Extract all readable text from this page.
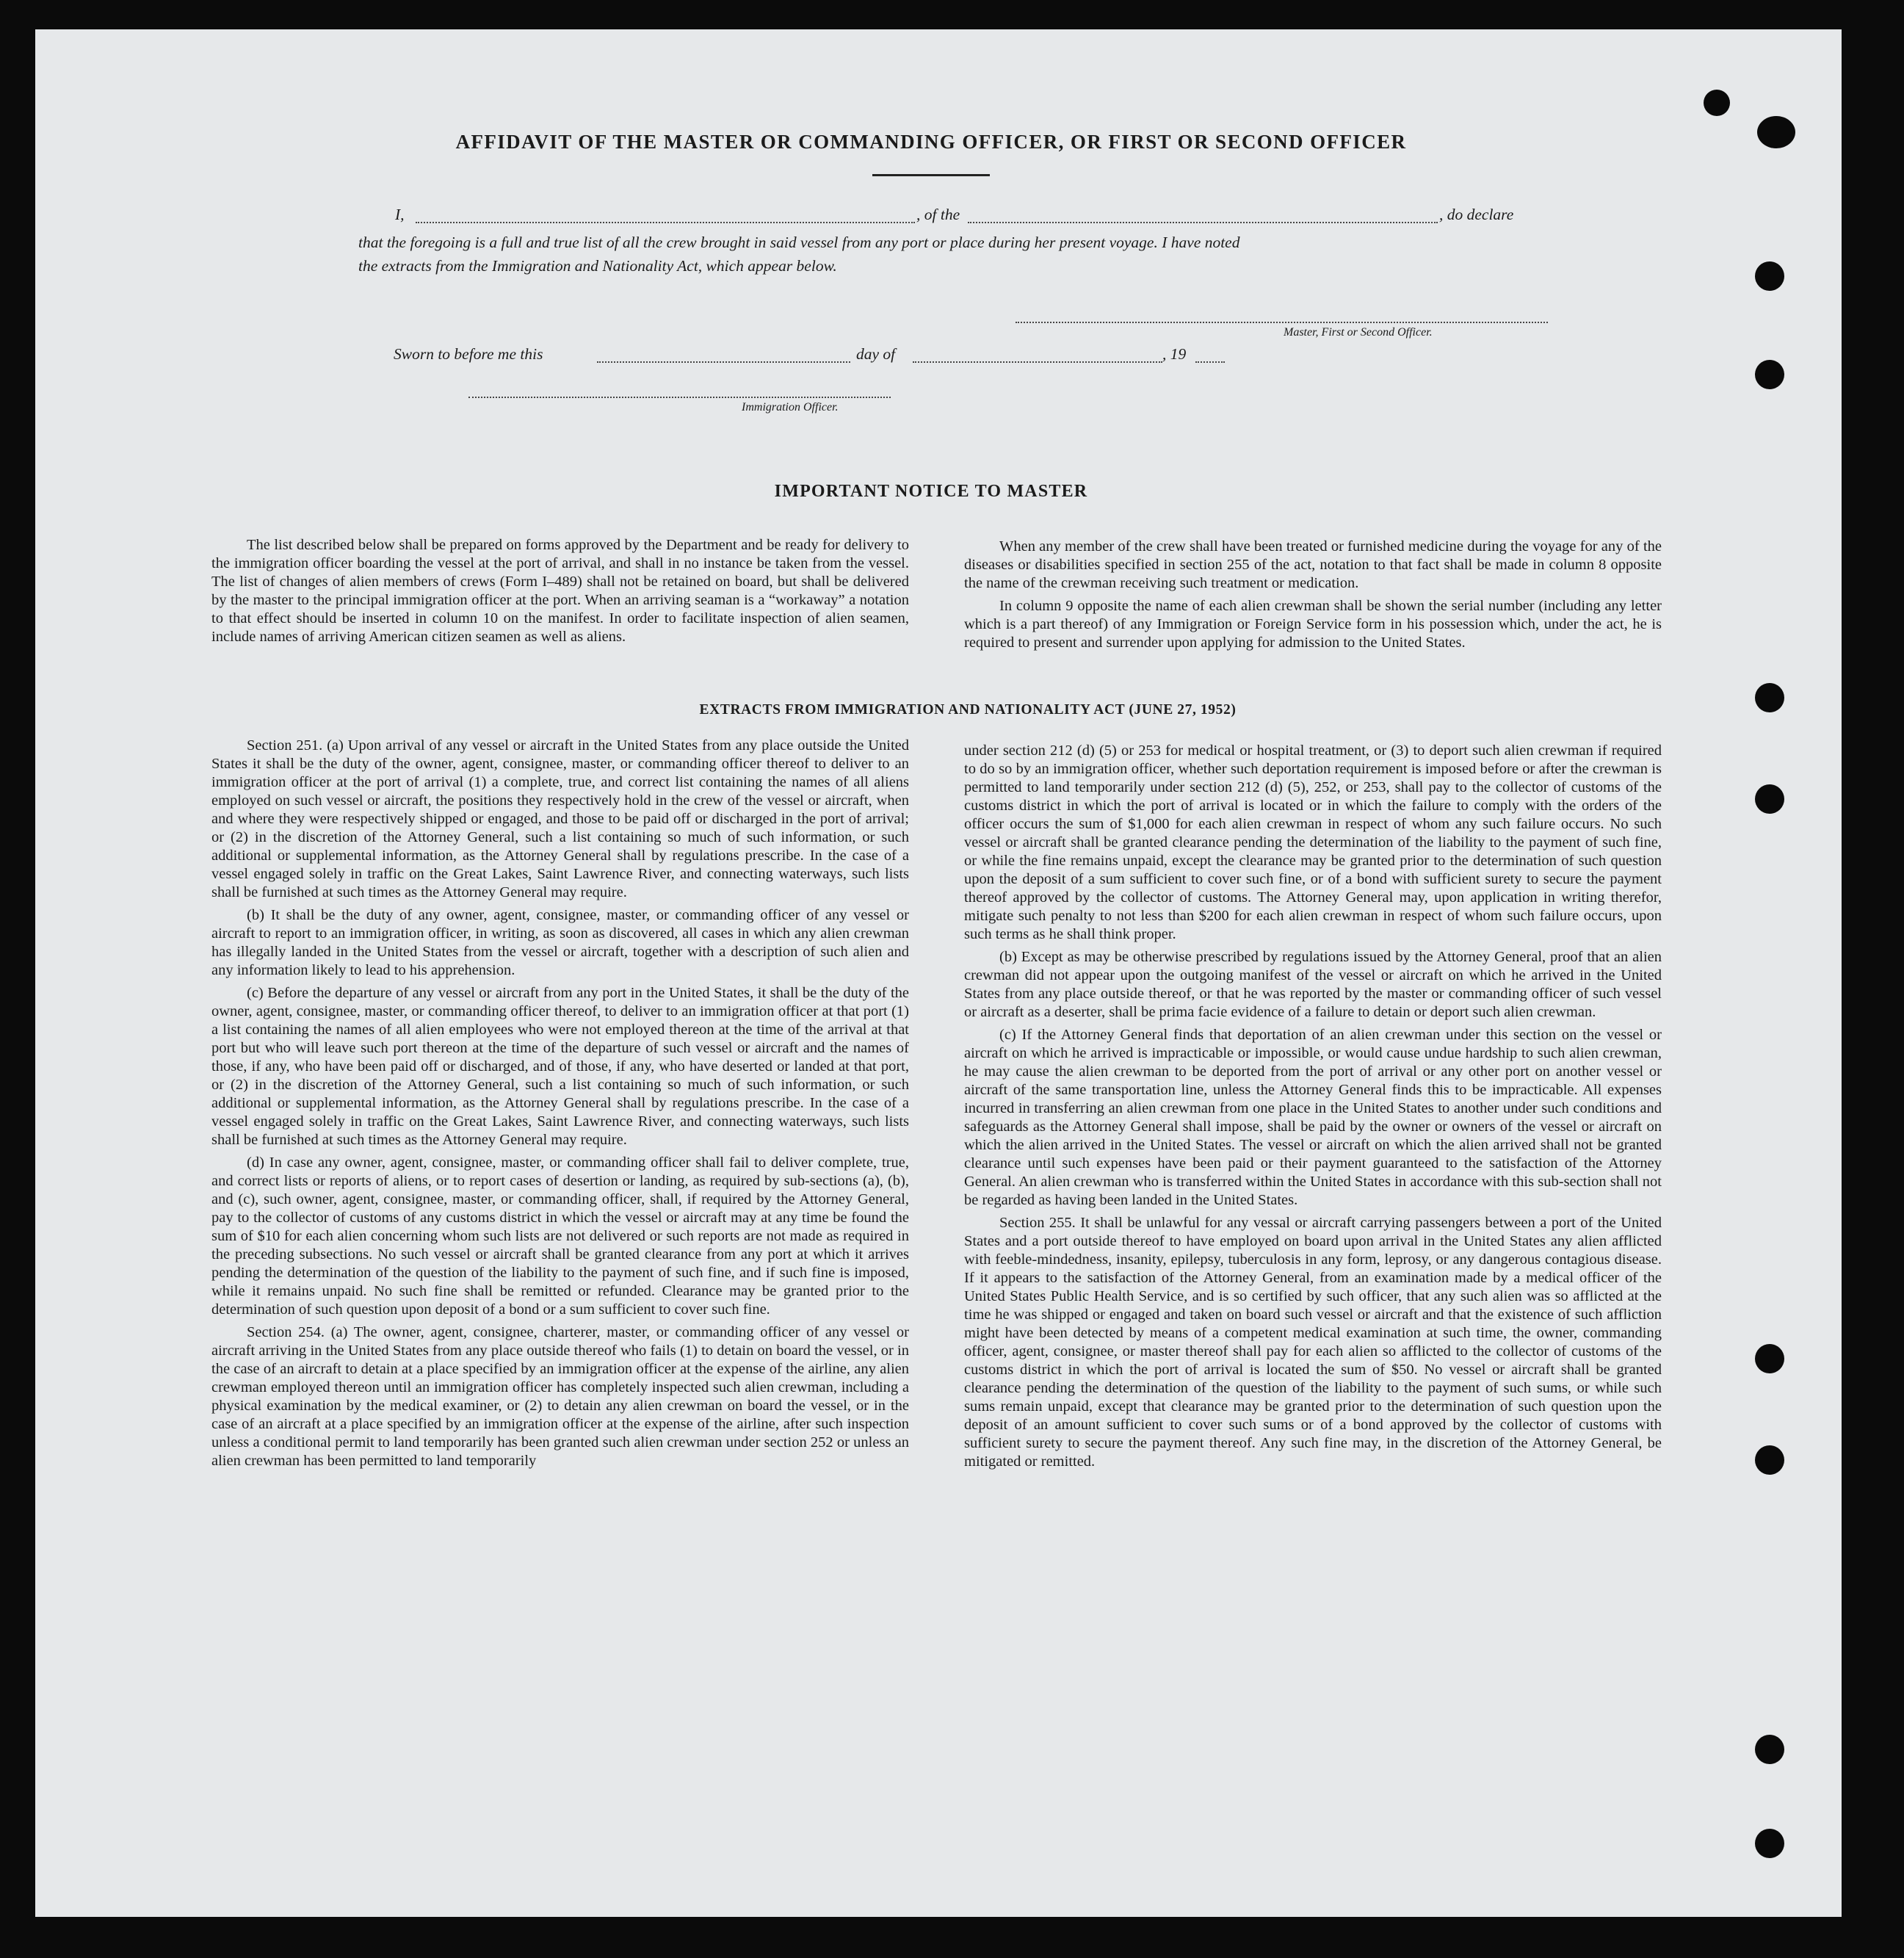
AFFIDAVIT OF THE MASTER OR COMMANDING OFFICER, OR FIRST OR SECOND OFFICER
I,	, of the	, do declare
that the foregoing is a full and true list of all the crew brought in said vessel from any port or place during her present voyage. I have noted
the extracts from the Immigration and Nationality Act, which appear below.
Master, First or Second Officer.
Sworn to before me this	day of	, 19
Immigration Officer.
IMPORTANT NOTICE TO MASTER

The list described below shall be prepared on forms approved by the Department and be ready for delivery to the immigration officer boarding the vessel at the port of arrival, and shall in no instance be taken from the vessel. The list of changes of alien members of crews (Form I–489) shall not be retained on board, but shall be delivered by the master to the principal immigration officer at the port. When an arriving seaman is a “workaway” a notation to that effect should be inserted in column 10 on the manifest. In order to facilitate inspection of alien seamen, include names of arriving American citizen seamen as well as aliens.

When any member of the crew shall have been treated or furnished medicine during the voyage for any of the diseases or disabilities specified in section 255 of the act, notation to that fact shall be made in column 8 opposite the name of the crewman receiving such treatment or medication.

In column 9 opposite the name of each alien crewman shall be shown the serial number (including any letter which is a part thereof) of any Immigration or Foreign Service form in his possession which, under the act, he is required to present and surrender upon applying for admission to the United States.

EXTRACTS FROM IMMIGRATION AND NATIONALITY ACT (JUNE 27, 1952)

Section 251. (a) Upon arrival of any vessel or aircraft in the United States from any place outside the United States it shall be the duty of the owner, agent, consignee, master, or commanding officer thereof to deliver to an immigration officer at the port of arrival (1) a complete, true, and correct list containing the names of all aliens employed on such vessel or aircraft, the positions they respectively hold in the crew of the vessel or aircraft, when and where they were respectively shipped or engaged, and those to be paid off or discharged in the port of arrival; or (2) in the discretion of the Attorney General, such a list containing so much of such information, or such additional or supplemental information, as the Attorney General shall by regulations prescribe. In the case of a vessel engaged solely in traffic on the Great Lakes, Saint Lawrence River, and connecting waterways, such lists shall be furnished at such times as the Attorney General may require.

(b) It shall be the duty of any owner, agent, consignee, master, or commanding officer of any vessel or aircraft to report to an immigration officer, in writing, as soon as discovered, all cases in which any alien crewman has illegally landed in the United States from the vessel or aircraft, together with a description of such alien and any information likely to lead to his apprehension.

(c) Before the departure of any vessel or aircraft from any port in the United States, it shall be the duty of the owner, agent, consignee, master, or commanding officer thereof, to deliver to an immigration officer at that port (1) a list containing the names of all alien employees who were not employed thereon at the time of the arrival at that port but who will leave such port thereon at the time of the departure of such vessel or aircraft and the names of those, if any, who have been paid off or discharged, and of those, if any, who have deserted or landed at that port, or (2) in the discretion of the Attorney General, such a list containing so much of such information, or such additional or supplemental information, as the Attorney General shall by regulations prescribe. In the case of a vessel engaged solely in traffic on the Great Lakes, Saint Lawrence River, and connecting waterways, such lists shall be furnished at such times as the Attorney General may require.

(d) In case any owner, agent, consignee, master, or commanding officer shall fail to deliver complete, true, and correct lists or reports of aliens, or to report cases of desertion or landing, as required by sub-sections (a), (b), and (c), such owner, agent, consignee, master, or commanding officer, shall, if required by the Attorney General, pay to the collector of customs of any customs district in which the vessel or aircraft may at any time be found the sum of $10 for each alien concerning whom such lists are not delivered or such reports are not made as required in the preceding subsections. No such vessel or aircraft shall be granted clearance from any port at which it arrives pending the determination of the question of the liability to the payment of such fine, and if such fine is imposed, while it remains unpaid. No such fine shall be remitted or refunded. Clearance may be granted prior to the determination of such question upon deposit of a bond or a sum sufficient to cover such fine.

Section 254. (a) The owner, agent, consignee, charterer, master, or commanding officer of any vessel or aircraft arriving in the United States from any place outside thereof who fails (1) to detain on board the vessel, or in the case of an aircraft to detain at a place specified by an immigration officer at the expense of the airline, any alien crewman employed thereon until an immigration officer has completely inspected such alien crewman, including a physical examination by the medical examiner, or (2) to detain any alien crewman on board the vessel, or in the case of an aircraft at a place specified by an immigration officer at the expense of the airline, after such inspection unless a conditional permit to land temporarily has been granted such alien crewman under section 252 or unless an alien crewman has been permitted to land temporarily

under section 212 (d) (5) or 253 for medical or hospital treatment, or (3) to deport such alien crewman if required to do so by an immigration officer, whether such deportation requirement is imposed before or after the crewman is permitted to land temporarily under section 212 (d) (5), 252, or 253, shall pay to the collector of customs of the customs district in which the port of arrival is located or in which the failure to comply with the orders of the officer occurs the sum of $1,000 for each alien crewman in respect of whom any such failure occurs. No such vessel or aircraft shall be granted clearance pending the determination of the liability to the payment of such fine, or while the fine remains unpaid, except the clearance may be granted prior to the determination of such question upon the deposit of a sum sufficient to cover such fine, or of a bond with sufficient surety to secure the payment thereof approved by the collector of customs. The Attorney General may, upon application in writing therefor, mitigate such penalty to not less than $200 for each alien crewman in respect of whom such failure occurs, upon such terms as he shall think proper.

(b) Except as may be otherwise prescribed by regulations issued by the Attorney General, proof that an alien crewman did not appear upon the outgoing manifest of the vessel or aircraft on which he arrived in the United States from any place outside thereof, or that he was reported by the master or commanding officer of such vessel or aircraft as a deserter, shall be prima facie evidence of a failure to detain or deport such alien crewman.

(c) If the Attorney General finds that deportation of an alien crewman under this section on the vessel or aircraft on which he arrived is impracticable or impossible, or would cause undue hardship to such alien crewman, he may cause the alien crewman to be deported from the port of arrival or any other port on another vessel or aircraft of the same transportation line, unless the Attorney General finds this to be impracticable. All expenses incurred in transferring an alien crewman from one place in the United States to another under such conditions and safeguards as the Attorney General shall impose, shall be paid by the owner or owners of the vessel or aircraft on which the alien arrived in the United States. The vessel or aircraft on which the alien arrived shall not be granted clearance until such expenses have been paid or their payment guaranteed to the satisfaction of the Attorney General. An alien crewman who is transferred within the United States in accordance with this sub-section shall not be regarded as having been landed in the United States.

Section 255. It shall be unlawful for any vessal or aircraft carrying passengers between a port of the United States and a port outside thereof to have employed on board upon arrival in the United States any alien afflicted with feeble-mindedness, insanity, epilepsy, tuberculosis in any form, leprosy, or any dangerous contagious disease. If it appears to the satisfaction of the Attorney General, from an examination made by a medical officer of the United States Public Health Service, and is so certified by such officer, that any such alien was so afflicted at the time he was shipped or engaged and taken on board such vessel or aircraft and that the existence of such affliction might have been detected by means of a competent medical examination at such time, the owner, commanding officer, agent, consignee, or master thereof shall pay for each alien so afflicted to the collector of customs of the customs district in which the port of arrival is located the sum of $50. No vessel or aircraft shall be granted clearance pending the determination of the question of the liability to the payment of such sums, or while such sums remain unpaid, except that clearance may be granted prior to the determination of such question upon the deposit of an amount sufficient to cover such sums or of a bond approved by the collector of customs with sufficient surety to secure the payment thereof. Any such fine may, in the discretion of the Attorney General, be mitigated or remitted.
